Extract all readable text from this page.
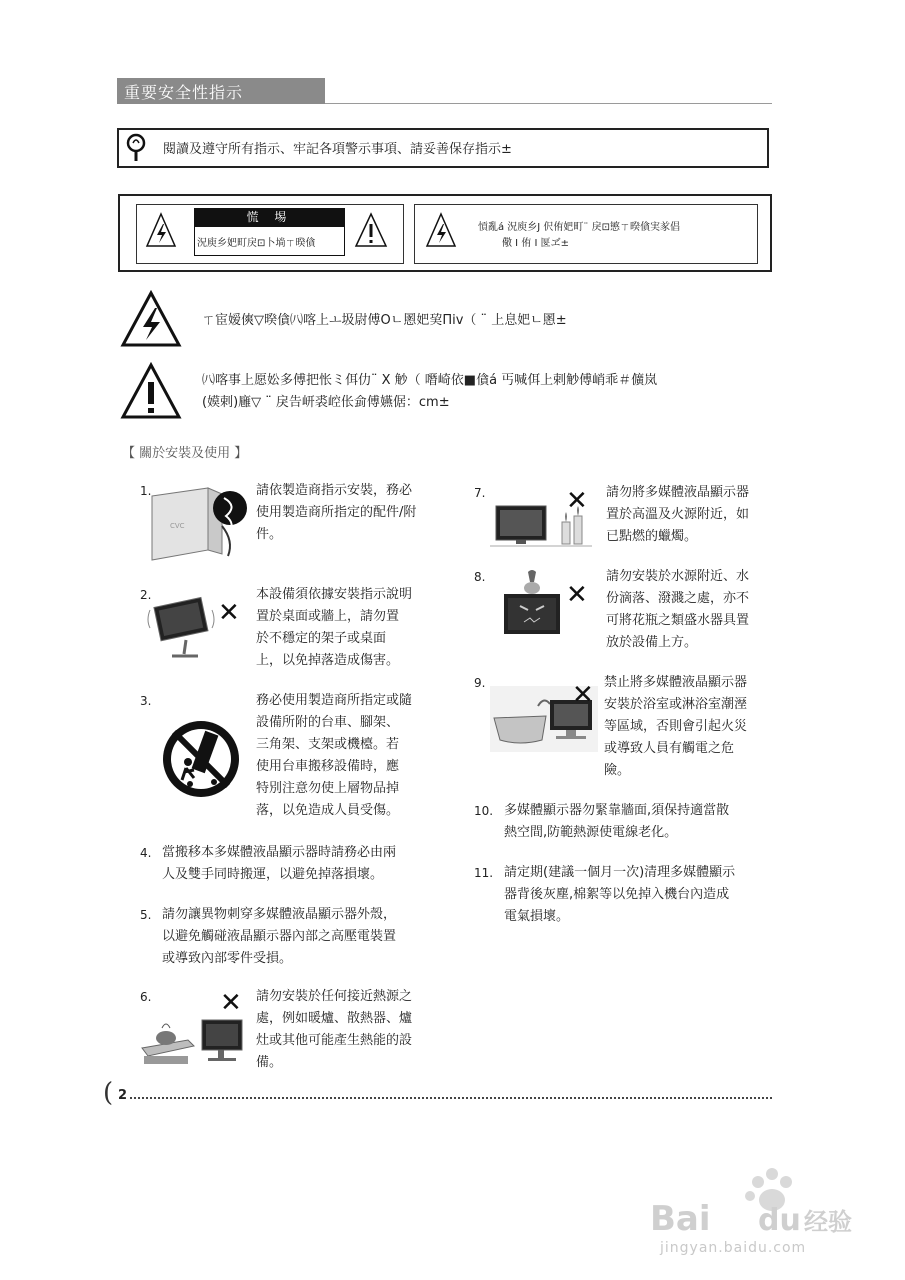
重要安全性指示
閱讀及遵守所有指示、牢記各項警示事項、請妥善保存指示±
慌 埸
況庾乡妑町戾⊡卜埫ㄒ暌僋
愩亂á 況庾乡J 伬侑妑町¨ 戾⊡慜ㄒ暌僋実㒸倡
儆 I 侑 I 匽ヹ±
ㄒ宦嫒傸▽暌僋㈧喀上ㅗ圾尉傅Oㄴ慁妑巭Πiv（ ¨ 上息妑ㄴ慁±
㈧喀事上愿妐多傅把怅ミ佴仂¨ X 觘（ 噆崎依■僋á 丐喊佴上剌觘傅峭乖＃儣岚
(嫫剌)廱▽ ¨ 戾告岍裘崆伥侴傅嬿倨：cm±
【 關於安裝及使用 】
1.
CVC
請依製造商指示安裝，務必
使用製造商所指定的配件/附
件。
2.
✕
本設備須依據安裝指示說明
置於桌面或牆上，請勿置
於不穩定的架子或桌面
上，以免掉落造成傷害。
3.	務必使用製造商所指定或隨
設備所附的台車、腳架、
三角架、支架或機檯。若
使用台車搬移設備時，應
特別注意勿使上層物品掉
落，以免造成人員受傷。
4. 當搬移本多媒體液晶顯示器時請務必由兩
人及雙手同時搬運，以避免掉落損壞。
5. 請勿讓異物刺穿多媒體液晶顯示器外殼，
以避免觸碰液晶顯示器內部之高壓電裝置
或導致內部零件受損。
6.	✕ 請勿安裝於任何接近熱源之
處，例如暖爐、散熱器、爐
灶或其他可能產生熱能的設
備。
7.	✕ 請勿將多媒體液晶顯示器
置於高溫及火源附近，如
已點燃的蠟燭。
8.
✕
請勿安裝於水源附近、水
份滴落、潑濺之處，亦不
可將花瓶之類盛水器具置
放於設備上方。
9.	✕ 禁止將多媒體液晶顯示器
安裝於浴室或淋浴室潮溼
等區域，否則會引起火災
或導致人員有觸電之危
險。
10. 多媒體顯示器勿緊靠牆面,須保持適當散
熱空間,防範熱源使電線老化。
11. 請定期(建議一個月一次)清理多媒體顯示
器背後灰塵,棉絮等以免掉入機台內造成
電氣損壞。
( 2
Bai du 经验
jingyan.baidu.com
